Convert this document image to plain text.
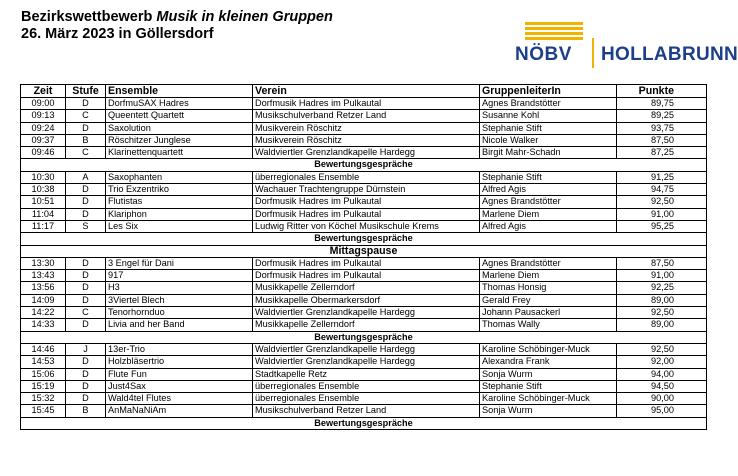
Bezirkswettbewerb Musik in kleinen Gruppen
26. März 2023 in Göllersdorf
NÖBV HOLLABRUNN
Zeit	Stufe	Ensemble	Verein	GruppenleiterIn	Punkte
09:00	D	DorfmuSAX Hadres	Dorfmusik Hadres im Pulkautal	Agnes Brandstötter	89,75
09:13	C	Queentett Quartett	Musikschulverband Retzer Land	Susanne Kohl	89,25
09:24	D	Saxolution	Musikverein Röschitz	Stephanie Stift	93,75
09:37	B	Röschitzer Junglese	Musikverein Röschitz	Nicole Walker	87,50
09:46	C	Klarinettenquartett	Waldviertler Grenzlandkapelle Hardegg	Birgit Mahr-Schadn	87,25
Bewertungsgespräche					
10:30	A	Saxophanten	überregionales Ensemble	Stephanie Stift	91,25
10:38	D	Trio Exzentriko	Wachauer Trachtengruppe Dürnstein	Alfred Agis	94,75
10:51	D	Flutistas	Dorfmusik Hadres im Pulkautal	Agnes Brandstötter	92,50
11:04	D	Klariphon	Dorfmusik Hadres im Pulkautal	Marlene Diem	91,00
11:17	S	Les Six	Ludwig Ritter von Köchel Musikschule Krems	Alfred Agis	95,25
Bewertungsgespräche					
Mittagspause					
13:30	D	3 Engel für Dani	Dorfmusik Hadres im Pulkautal	Agnes Brandstötter	87,50
13:43	D	917	Dorfmusik Hadres im Pulkautal	Marlene Diem	91,00
13:56	D	H3	Musikkapelle Zellerndorf	Thomas Honsig	92,25
14:09	D	3Viertel Blech	Musikkapelle Obermarkersdorf	Gerald Frey	89,00
14:22	C	Tenorhornduo	Waldviertler Grenzlandkapelle Hardegg	Johann Pausackerl	92,50
14:33	D	Livia and her Band	Musikkapelle Zellerndorf	Thomas Wally	89,00
Bewertungsgespräche					
14:46	J	13er-Trio	Waldviertler Grenzlandkapelle Hardegg	Karoline Schöbinger-Muck	92,50
14:53	D	Holzbläsertrio	Waldviertler Grenzlandkapelle Hardegg	Alexandra Frank	92,00
15:06	D	Flute Fun	Stadtkapelle Retz	Sonja Wurm	94,00
15:19	D	Just4Sax	überregionales Ensemble	Stephanie Stift	94,50
15:32	D	Wald4tel Flutes	überregionales Ensemble	Karoline Schöbinger-Muck	90,00
15:45	B	AnMaNaNiAm	Musikschulverband Retzer Land	Sonja Wurm	95,00
Bewertungsgespräche					
